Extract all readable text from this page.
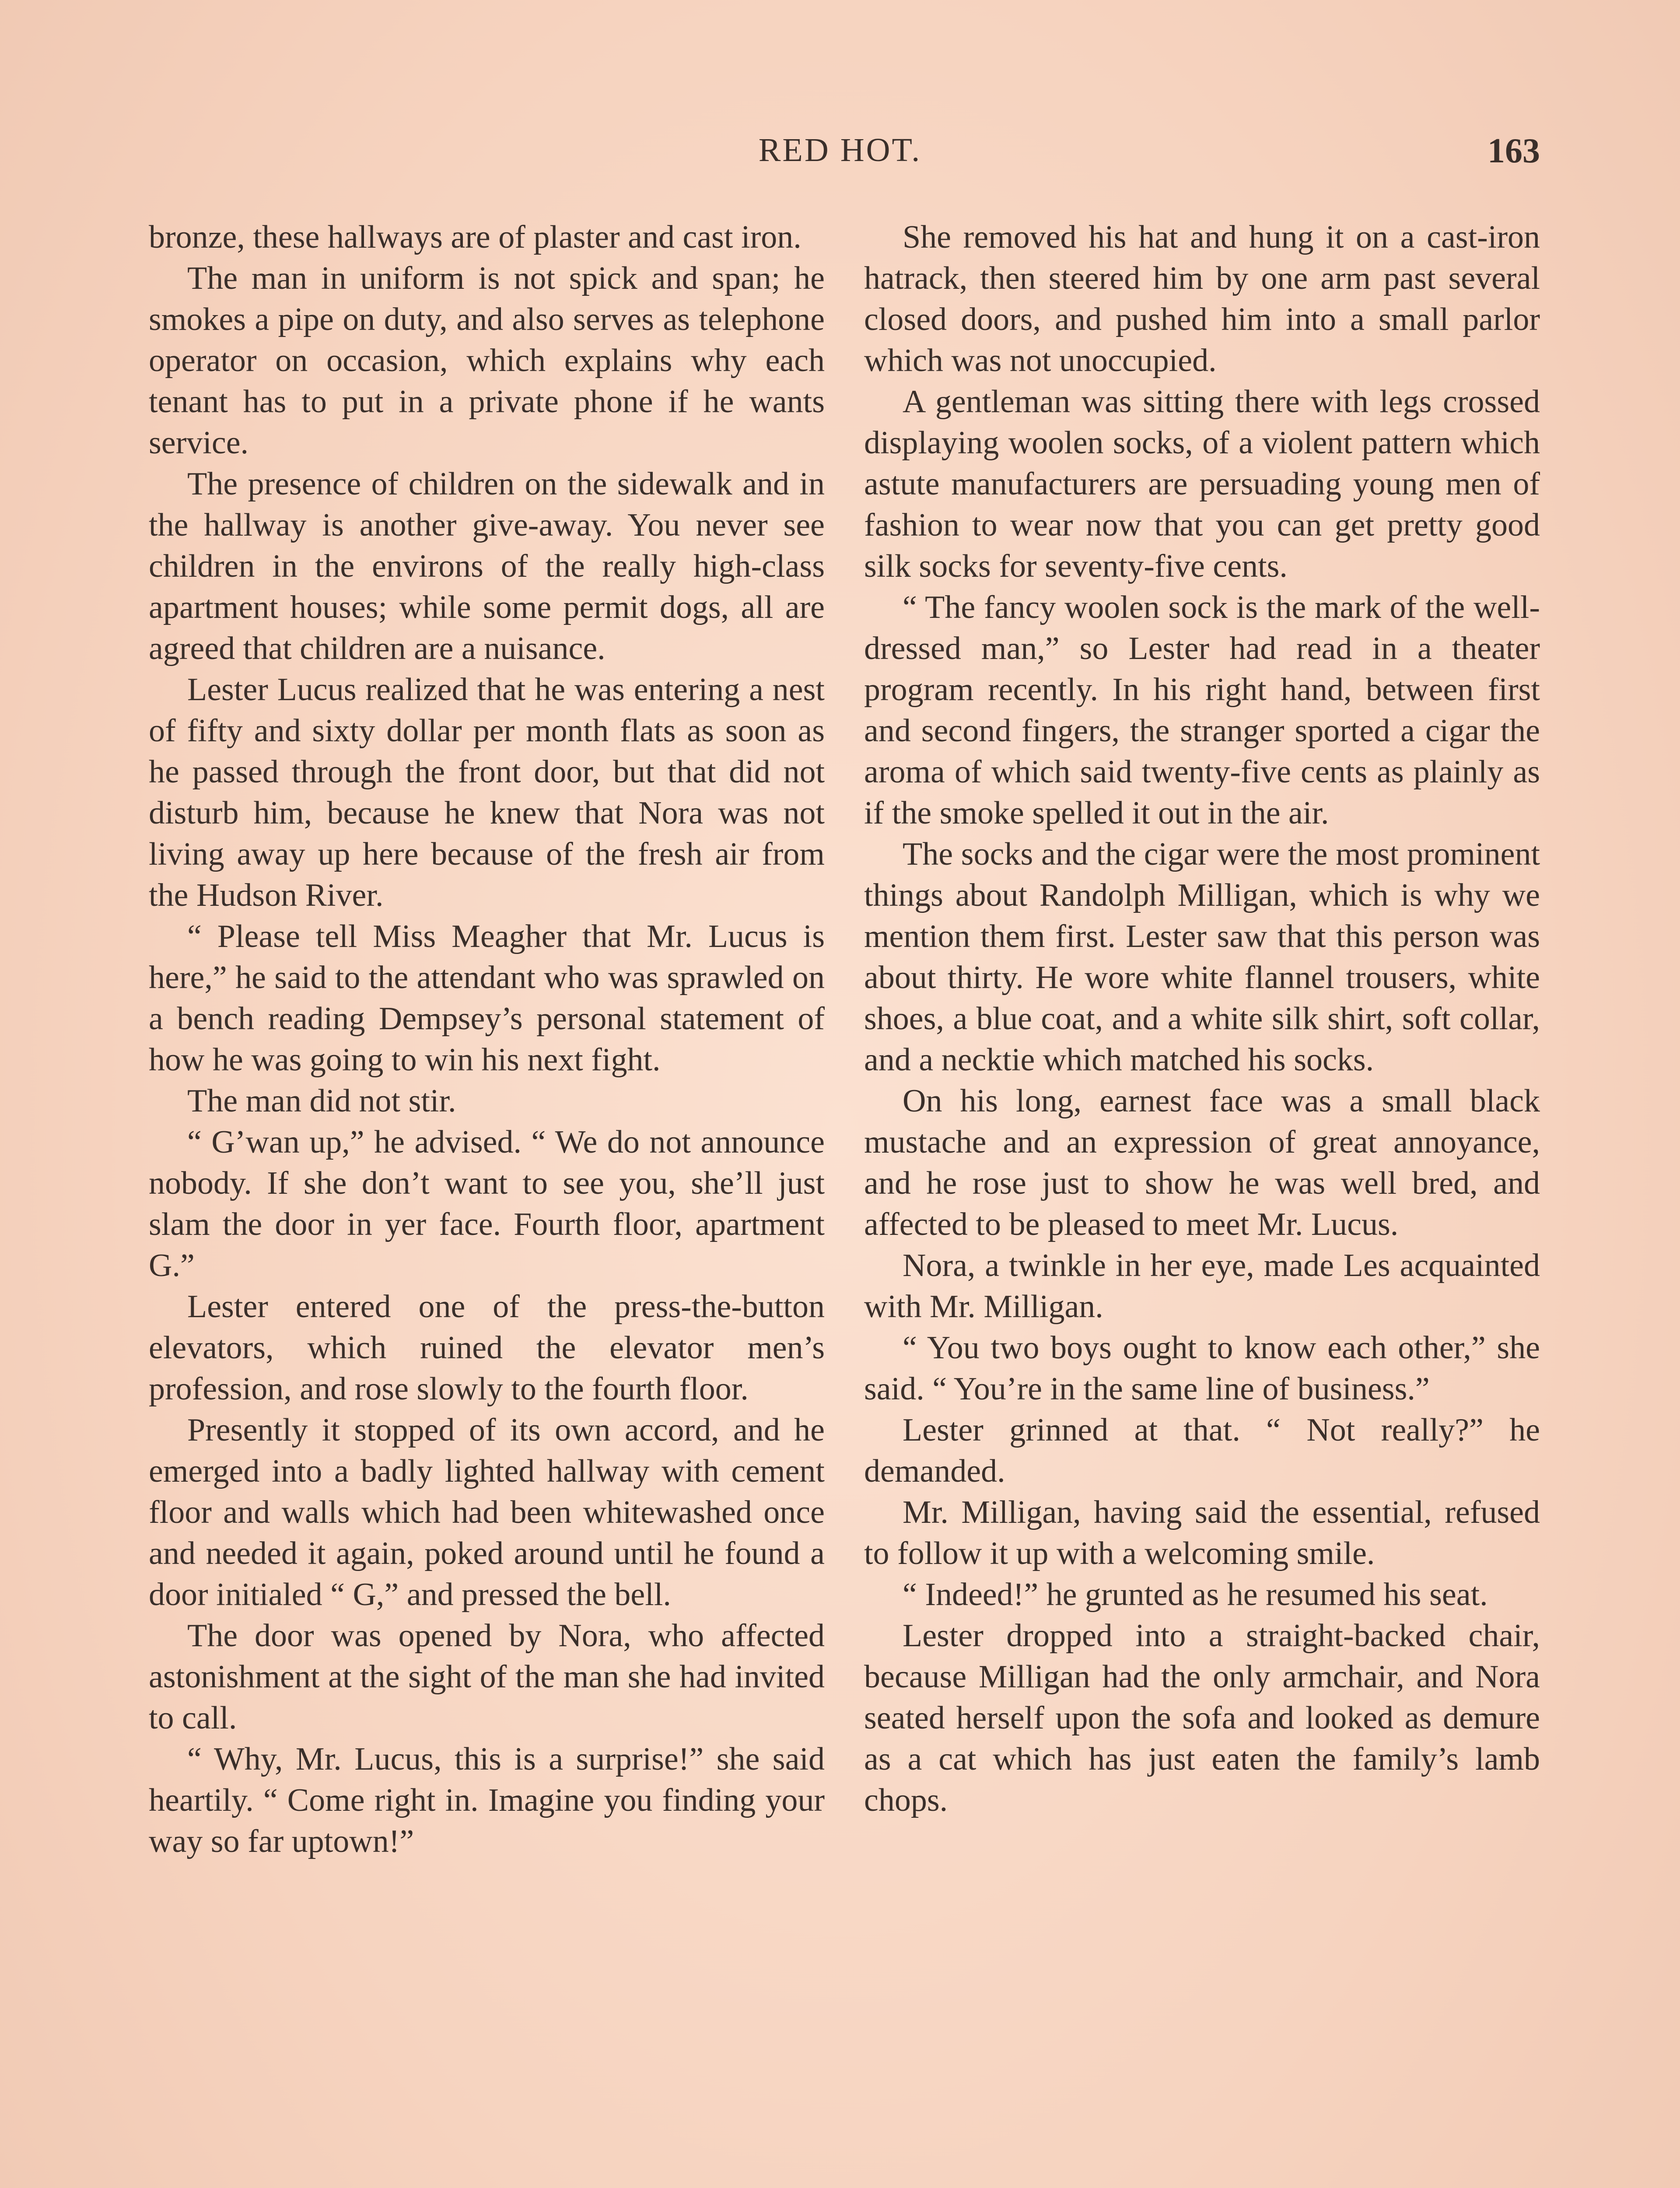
RED HOT.	163

bronze, these hallways are of plaster and cast iron.

The man in uniform is not spick and span; he smokes a pipe on duty, and also serves as telephone operator on occasion, which explains why each tenant has to put in a private phone if he wants service.

The presence of children on the sidewalk and in the hallway is another give-away. You never see children in the environs of the really high-class apartment houses; while some permit dogs, all are agreed that children are a nuisance.

Lester Lucus realized that he was entering a nest of fifty and sixty dollar per month flats as soon as he passed through the front door, but that did not disturb him, because he knew that Nora was not living away up here because of the fresh air from the Hudson River.

“ Please tell Miss Meagher that Mr. Lucus is here,” he said to the attendant who was sprawled on a bench reading Dempsey’s personal statement of how he was going to win his next fight.

The man did not stir.

“ G’wan up,” he advised. “ We do not announce nobody. If she don’t want to see you, she’ll just slam the door in yer face. Fourth floor, apartment G.”

Lester entered one of the press-the-button elevators, which ruined the elevator men’s profession, and rose slowly to the fourth floor.

Presently it stopped of its own accord, and he emerged into a badly lighted hallway with cement floor and walls which had been whitewashed once and needed it again, poked around until he found a door initialed “ G,” and pressed the bell.

The door was opened by Nora, who affected astonishment at the sight of the man she had invited to call.

“ Why, Mr. Lucus, this is a surprise!” she said heartily. “ Come right in. Imagine you finding your way so far uptown!”

She removed his hat and hung it on a cast-iron hatrack, then steered him by one arm past several closed doors, and pushed him into a small parlor which was not unoccupied.

A gentleman was sitting there with legs crossed displaying woolen socks, of a violent pattern which astute manufacturers are persuading young men of fashion to wear now that you can get pretty good silk socks for seventy-five cents.

“ The fancy woolen sock is the mark of the well-dressed man,” so Lester had read in a theater program recently. In his right hand, between first and second fingers, the stranger sported a cigar the aroma of which said twenty-five cents as plainly as if the smoke spelled it out in the air.

The socks and the cigar were the most prominent things about Randolph Milligan, which is why we mention them first. Lester saw that this person was about thirty. He wore white flannel trousers, white shoes, a blue coat, and a white silk shirt, soft collar, and a necktie which matched his socks.

On his long, earnest face was a small black mustache and an expression of great annoyance, and he rose just to show he was well bred, and affected to be pleased to meet Mr. Lucus.

Nora, a twinkle in her eye, made Les acquainted with Mr. Milligan.

“ You two boys ought to know each other,” she said. “ You’re in the same line of business.”

Lester grinned at that. “ Not really?” he demanded.

Mr. Milligan, having said the essential, refused to follow it up with a welcoming smile.

“ Indeed!” he grunted as he resumed his seat.

Lester dropped into a straight-backed chair, because Milligan had the only armchair, and Nora seated herself upon the sofa and looked as demure as a cat which has just eaten the family’s lamb chops.
